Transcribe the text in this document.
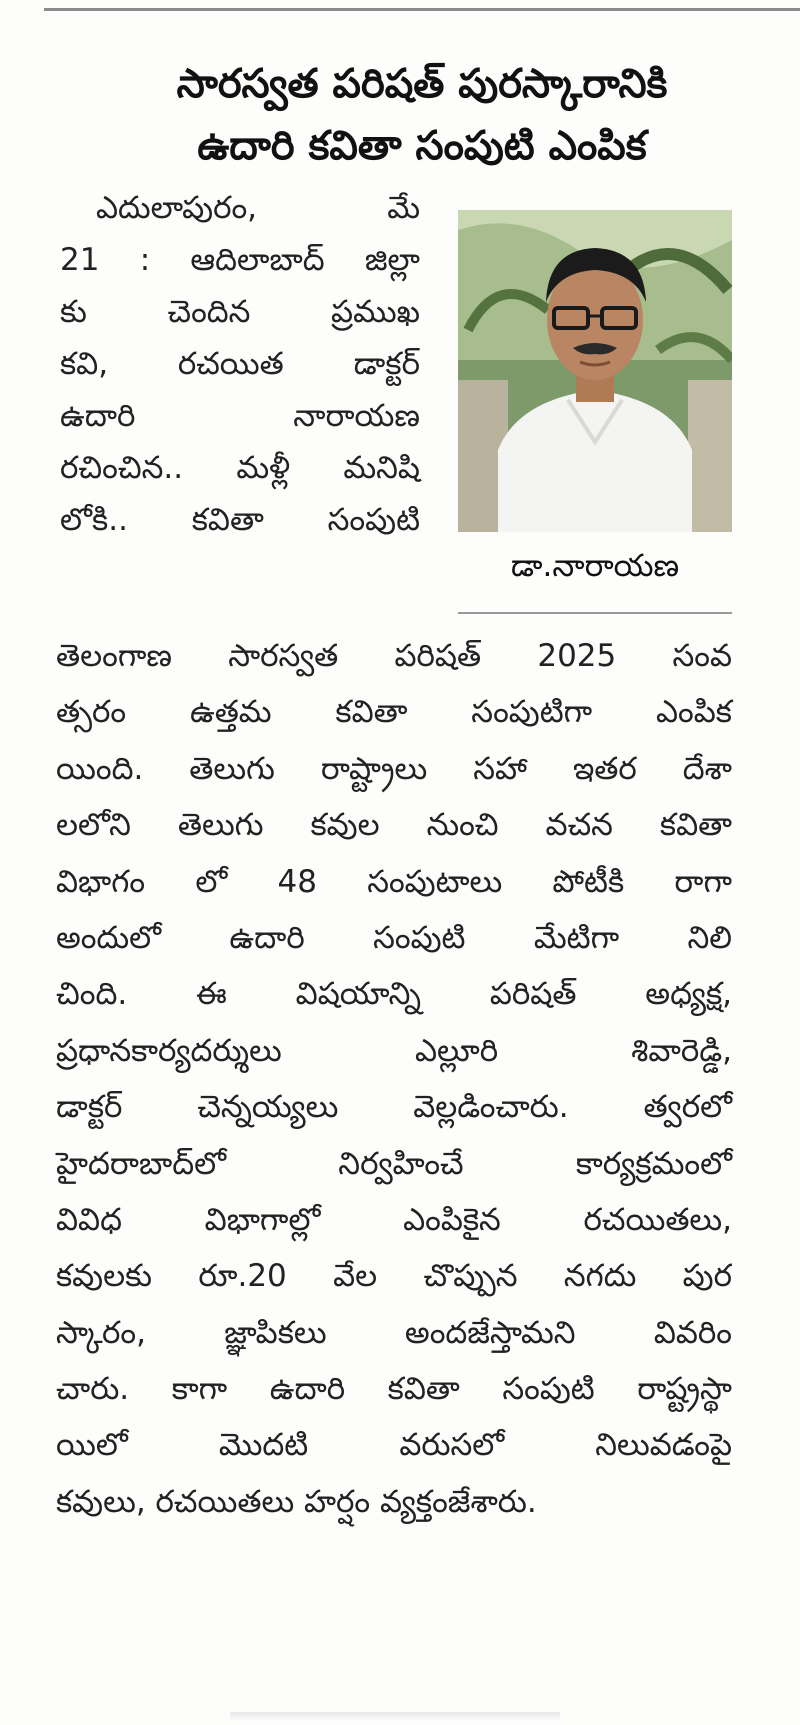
సారస్వత పరిషత్ పురస్కారానికి
ఉదారి కవితా సంపుటి ఎంపిక
ఎదులాపురం, మే
21 : ఆదిలాబాద్ జిల్లా
కు చెందిన ప్రముఖ
కవి, రచయిత డాక్టర్
ఉదారి నారాయణ
రచించిన.. మళ్లీ మనిషి
లోకి.. కవితా సంపుటి
డా.నారాయణ
తెలంగాణ సారస్వత పరిషత్ 2025 సంవ
త్సరం ఉత్తమ కవితా సంపుటిగా ఎంపిక
యింది. తెలుగు రాష్ట్రాలు సహా ఇతర దేశా
లలోని తెలుగు కవుల నుంచి వచన కవితా
విభాగం లో 48 సంపుటాలు పోటీకి రాగా
అందులో ఉదారి సంపుటి మేటిగా నిలి
చింది. ఈ విషయాన్ని పరిషత్ అధ్యక్ష,
ప్రధానకార్యదర్శులు ఎల్లూరి శివారెడ్డి,
డాక్టర్ చెన్నయ్యలు వెల్లడించారు. త్వరలో
హైదరాబాద్‌లో నిర్వహించే కార్యక్రమంలో
వివిధ విభాగాల్లో ఎంపికైన రచయితలు,
కవులకు రూ.20 వేల చొప్పున నగదు పుర
స్కారం, జ్ఞాపికలు అందజేస్తామని వివరిం
చారు. కాగా ఉదారి కవితా సంపుటి రాష్ట్రస్థా
యిలో మొదటి వరుసలో నిలువడంపై
కవులు, రచయితలు హర్షం వ్యక్తంజేశారు.
